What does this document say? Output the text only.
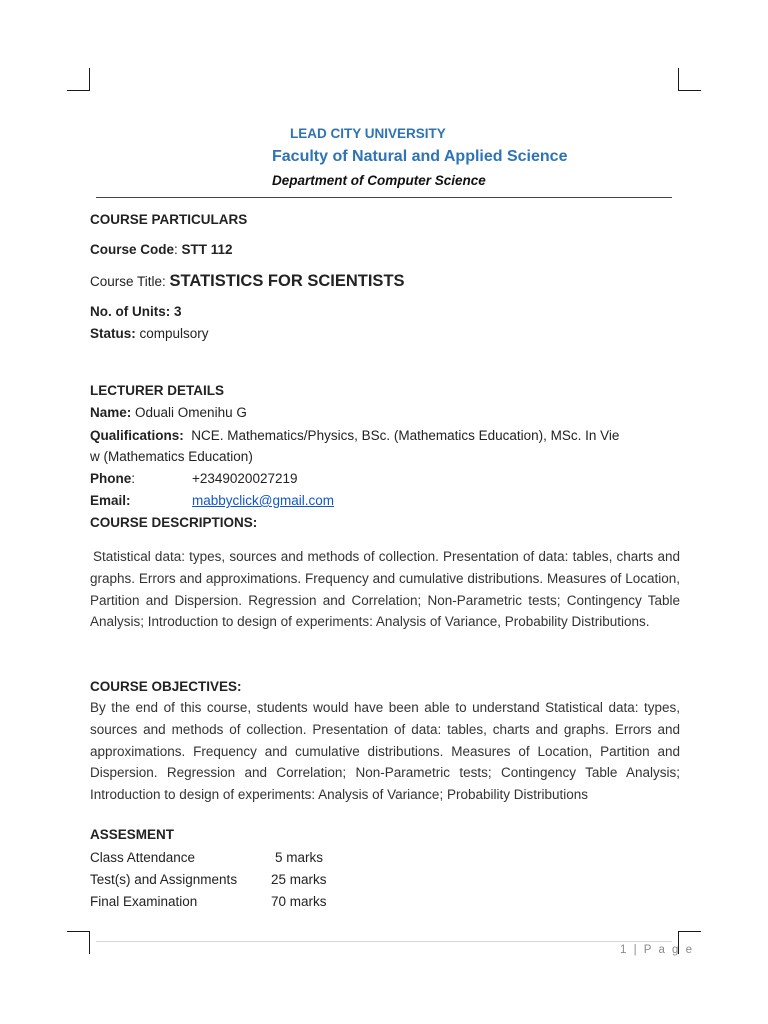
LEAD CITY UNIVERSITY
Faculty of Natural and Applied Science
Department of Computer Science
COURSE PARTICULARS
Course Code: STT 112
Course Title: STATISTICS FOR SCIENTISTS
No. of Units: 3
Status: compulsory
LECTURER DETAILS
Name: Oduali Omenihu G
Qualifications: NCE. Mathematics/Physics, BSc. (Mathematics Education), MSc. In Vie
w (Mathematics Education)
Phone:	+2349020027219
Email:	mabbyclick@gmail.com
COURSE DESCRIPTIONS:
Statistical data: types, sources and methods of collection. Presentation of data: tables, charts and graphs. Errors and approximations. Frequency and cumulative distributions. Measures of Location, Partition and Dispersion. Regression and Correlation; Non-Parametric tests; Contingency Table Analysis; Introduction to design of experiments: Analysis of Variance, Probability Distributions.
COURSE OBJECTIVES:
By the end of this course, students would have been able to understand Statistical data: types, sources and methods of collection. Presentation of data: tables, charts and graphs. Errors and approximations. Frequency and cumulative distributions. Measures of Location, Partition and Dispersion. Regression and Correlation; Non-Parametric tests; Contingency Table Analysis; Introduction to design of experiments: Analysis of Variance; Probability Distributions
ASSESMENT
Class Attendance	5 marks
Test(s) and Assignments	25 marks
Final Examination	70 marks
1 | P a g e
